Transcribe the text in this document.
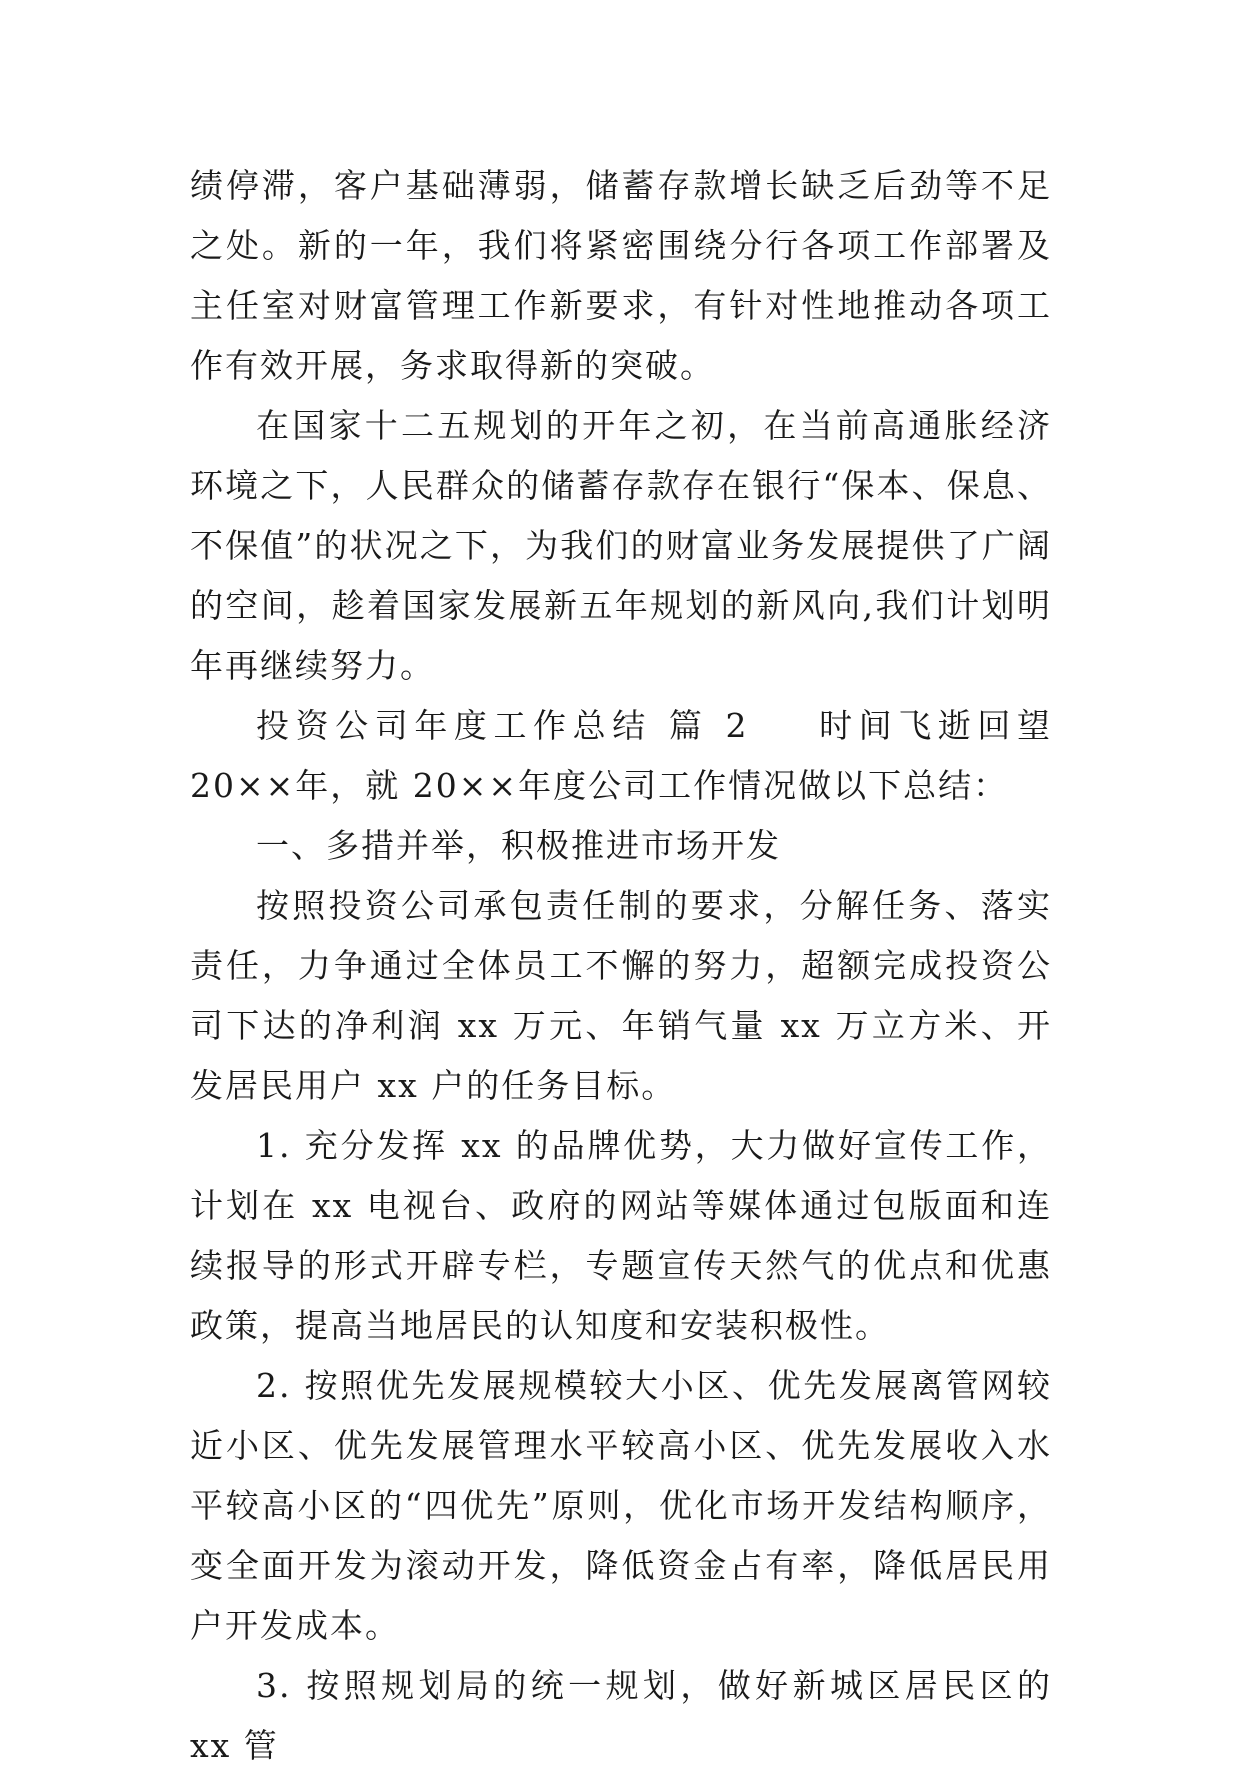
绩停滞，客户基础薄弱，储蓄存款增长缺乏后劲等不足之处。新的一年，我们将紧密围绕分行各项工作部署及主任室对财富管理工作新要求，有针对性地推动各项工作有效开展，务求取得新的突破。

在国家十二五规划的开年之初，在当前高通胀经济环境之下，人民群众的储蓄存款存在银行“保本、保息、不保值”的状况之下，为我们的财富业务发展提供了广阔的空间，趁着国家发展新五年规划的新风向,我们计划明年再继续努力。

投资公司年度工作总结 篇 2 时间飞逝回望 20××年，就 20××年度公司工作情况做以下总结：

一、多措并举，积极推进市场开发

按照投资公司承包责任制的要求，分解任务、落实责任，力争通过全体员工不懈的努力，超额完成投资公司下达的净利润 xx 万元、年销气量 xx 万立方米、开发居民用户 xx 户的任务目标。

1. 充分发挥 xx 的品牌优势，大力做好宣传工作，计划在 xx 电视台、政府的网站等媒体通过包版面和连续报导的形式开辟专栏，专题宣传天然气的优点和优惠政策，提高当地居民的认知度和安装积极性。

2. 按照优先发展规模较大小区、优先发展离管网较近小区、优先发展管理水平较高小区、优先发展收入水平较高小区的“四优先”原则，优化市场开发结构顺序，变全面开发为滚动开发，降低资金占有率，降低居民用户开发成本。

3. 按照规划局的统一规划，做好新城区居民区的 xx 管
